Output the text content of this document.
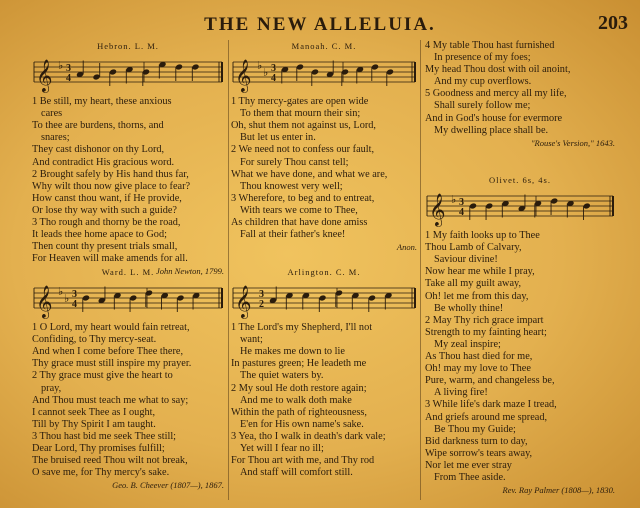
THE NEW ALLELUIA.	203

Hebron. L. M.

𝄞 ♭ 3
4

1 Be still, my heart, these anxious

cares

To thee are burdens, thorns, and

snares;

They cast dishonor on thy Lord,

And contradict His gracious word.

2 Brought safely by His hand thus far,

Why wilt thou now give place to fear?

How canst thou want, if He provide,

Or lose thy way with such a guide?

3 Tho rough and thorny be the road,

It leads thee home apace to God;

Then count thy present trials small,

For Heaven will make amends for all.

John Newton, 1799.

Ward. L. M.

𝄞 ♭
♭ 3
4

1 O Lord, my heart would fain retreat,

Confiding, to Thy mercy-seat.

And when I come before Thee there,

Thy grace must still inspire my prayer.

2 Thy grace must give the heart to

pray,

And Thou must teach me what to say;

I cannot seek Thee as I ought,

Till by Thy Spirit I am taught.

3 Thou hast bid me seek Thee still;

Dear Lord, Thy promises fulfill;

The bruised reed Thou wilt not break,

O save me, for Thy mercy's sake.

Geo. B. Cheever (1807—), 1867.

Manoah. C. M.

𝄞 ♭
♭ 3
4

1 Thy mercy-gates are open wide

To them that mourn their sin;

Oh, shut them not against us, Lord,

But let us enter in.

2 We need not to confess our fault,

For surely Thou canst tell;

What we have done, and what we are,

Thou knowest very well;

3 Wherefore, to beg and to entreat,

With tears we come to Thee,

As children that have done amiss

Fall at their father's knee!

Anon.

Arlington. C. M.

𝄞 3
2

1 The Lord's my Shepherd, I'll not

want;

He makes me down to lie

In pastures green; He leadeth me

The quiet waters by.

2 My soul He doth restore again;

And me to walk doth make

Within the path of righteousness,

E'en for His own name's sake.

3 Yea, tho I walk in death's dark vale;

Yet will I fear no ill;

For Thou art with me, and Thy rod

And staff will comfort still.

4 My table Thou hast furnished

In presence of my foes;

My head Thou dost with oil anoint,

And my cup overflows.

5 Goodness and mercy all my life,

Shall surely follow me;

And in God's house for evermore

My dwelling place shall be.

"Rouse's Version," 1643.

Olivet. 6s, 4s.

𝄞 ♭ 3
4

1 My faith looks up to Thee

Thou Lamb of Calvary,

Saviour divine!

Now hear me while I pray,

Take all my guilt away,

Oh! let me from this day,

Be wholly thine!

2 May Thy rich grace impart

Strength to my fainting heart;

My zeal inspire;

As Thou hast died for me,

Oh! may my love to Thee

Pure, warm, and changeless be,

A living fire!

3 While life's dark maze I tread,

And griefs around me spread,

Be Thou my Guide;

Bid darkness turn to day,

Wipe sorrow's tears away,

Nor let me ever stray

From Thee aside.

Rev. Ray Palmer (1808—), 1830.
